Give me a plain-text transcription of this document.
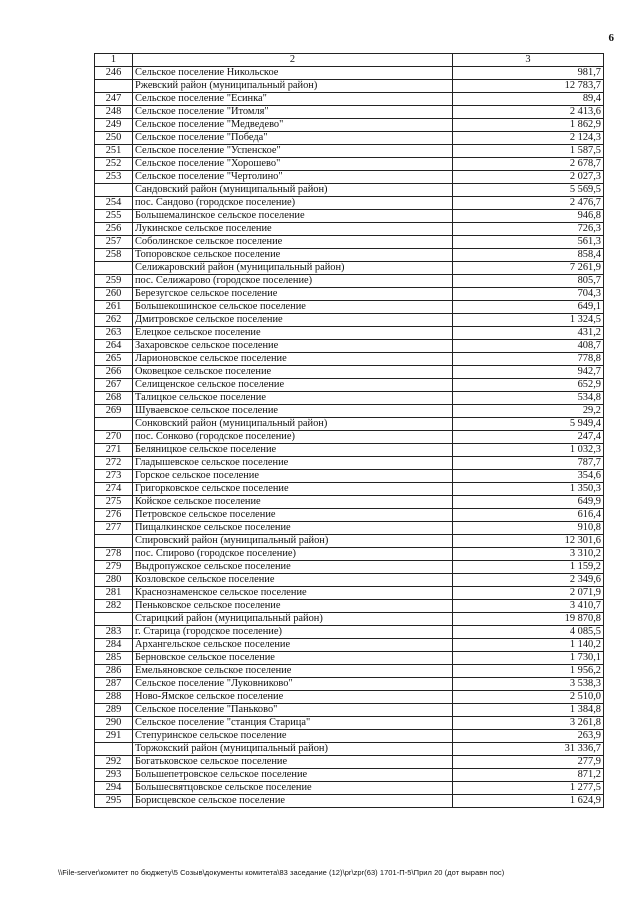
6
1	2	3
246	Сельское поселение Никольское	981,7
	Ржевский район (муниципальный район)	12 783,7
247	Сельское поселение "Есинка"	89,4
248	Сельское поселение "Итомля"	2 413,6
249	Сельское поселение "Медведево"	1 862,9
250	Сельское поселение "Победа"	2 124,3
251	Сельское поселение "Успенское"	1 587,5
252	Сельское поселение "Хорошево"	2 678,7
253	Сельское поселение "Чертолино"	2 027,3
	Сандовский район (муниципальный район)	5 569,5
254	пос. Сандово (городское поселение)	2 476,7
255	Большемалинское сельское поселение	946,8
256	Лукинское сельское поселение	726,3
257	Соболинское сельское поселение	561,3
258	Топоровское сельское поселение	858,4
	Селижаровский район (муниципальный район)	7 261,9
259	пос. Селижарово (городское поселение)	805,7
260	Березугское сельское поселение	704,3
261	Большекошинское сельское поселение	649,1
262	Дмитровское сельское поселение	1 324,5
263	Елецкое сельское поселение	431,2
264	Захаровское сельское поселение	408,7
265	Ларионовское сельское поселение	778,8
266	Оковецкое сельское поселение	942,7
267	Селищенское сельское поселение	652,9
268	Талицкое сельское поселение	534,8
269	Шуваевское сельское поселение	29,2
	Сонковский район (муниципальный район)	5 949,4
270	пос. Сонково (городское поселение)	247,4
271	Беляницкое сельское поселение	1 032,3
272	Гладышевское сельское поселение	787,7
273	Горское сельское поселение	354,6
274	Григорковское сельское поселение	1 350,3
275	Койское сельское поселение	649,9
276	Петровское сельское поселение	616,4
277	Пищалкинское сельское поселение	910,8
	Спировский район (муниципальный район)	12 301,6
278	пос. Спирово (городское поселение)	3 310,2
279	Выдропужское сельское поселение	1 159,2
280	Козловское сельское поселение	2 349,6
281	Краснознаменское сельское поселение	2 071,9
282	Пеньковское сельское поселение	3 410,7
	Старицкий район (муниципальный район)	19 870,8
283	г. Старица (городское поселение)	4 085,5
284	Архангельское сельское поселение	1 140,2
285	Берновское сельское поселение	1 730,1
286	Емельяновское сельское поселение	1 956,2
287	Сельское поселение "Луковниково"	3 538,3
288	Ново-Ямское сельское поселение	2 510,0
289	Сельское поселение "Паньково"	1 384,8
290	Сельское поселение "станция Старица"	3 261,8
291	Степуринское сельское поселение	263,9
	Торжокский район (муниципальный район)	31 336,7
292	Богатьковское сельское поселение	277,9
293	Большепетровское сельское поселение	871,2
294	Большесвятцовское сельское поселение	1 277,5
295	Борисцевское сельское поселение	1 624,9
\\File-server\комитет по бюджету\5 Созыв\документы комитета\83 заседание (12)\pr\zpr(63) 1701-П-5\Прил 20 (дот выравн пос)
